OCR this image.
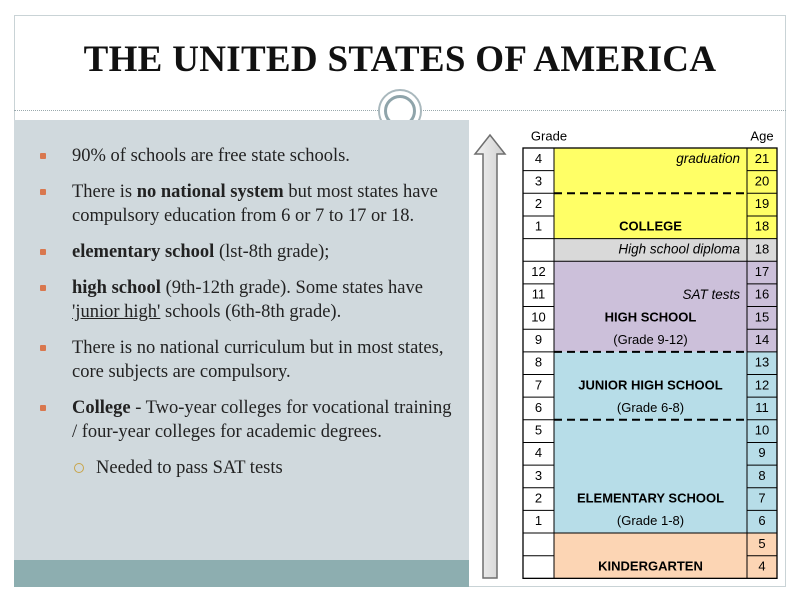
THE UNITED STATES OF AMERICA
90% of schools are free state schools.
There is no national system but most states have compulsory education from 6 or 7 to 17 or 18.
elementary school (lst-8th grade);
high school (9th-12th grade). Some states have 'junior high' schools (6th-8th grade).
There is no national curriculum but in most states, core subjects are compulsory.
College - Two-year colleges for vocational training / four-year colleges for academic degrees.
Needed to pass SAT tests
Grade	Age
4
3
2
1
12
11
10
9
8
7
6
5
4
3
2
1
21
20
19
18
18
17
16
15
14
13
12
11
10
9
8
7
6
5
4
graduation
COLLEGE
High school diploma
SAT tests
HIGH SCHOOL
(Grade 9-12)
JUNIOR HIGH SCHOOL
(Grade 6-8)
ELEMENTARY SCHOOL
(Grade 1-8)
KINDERGARTEN
